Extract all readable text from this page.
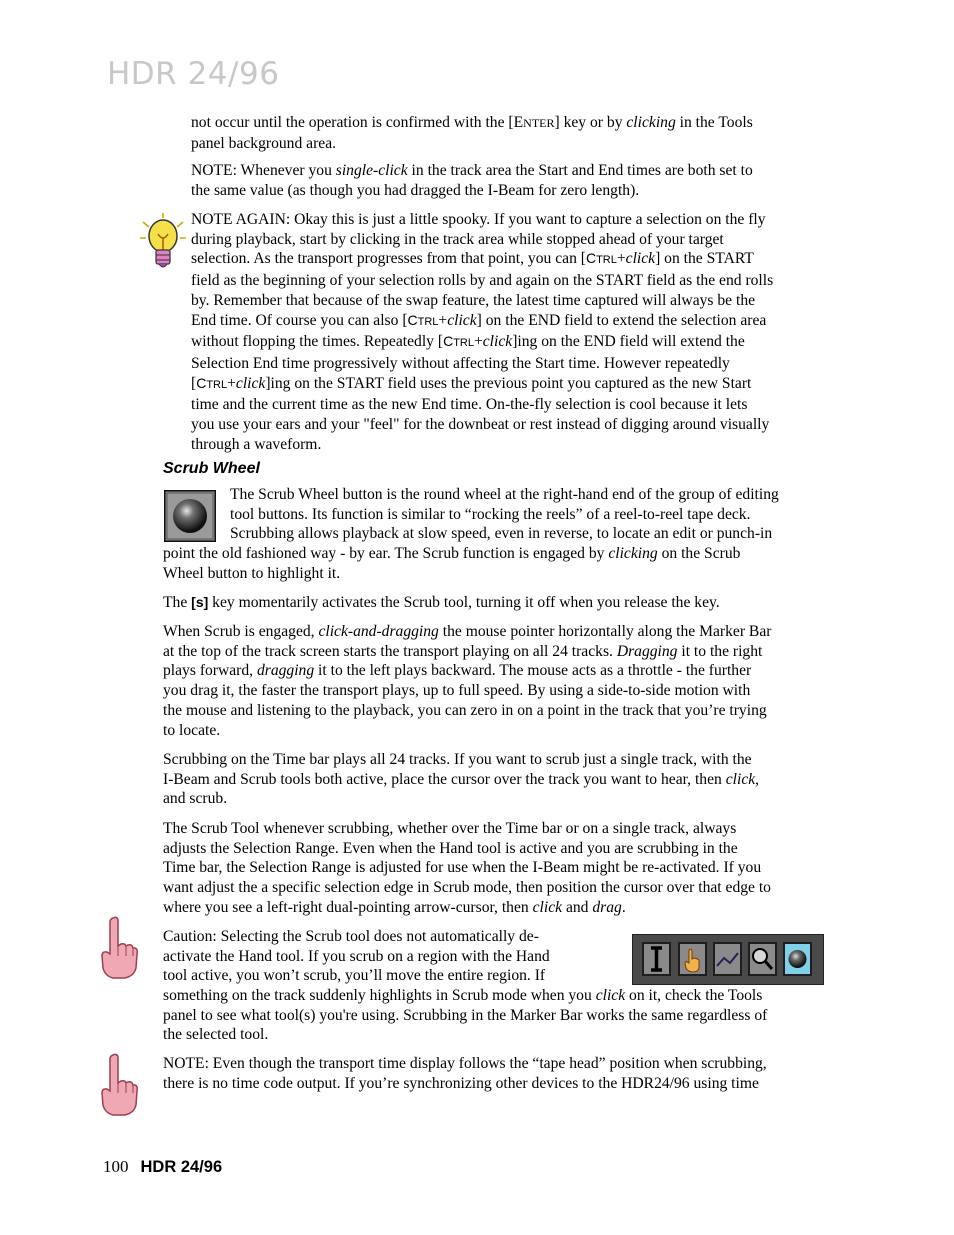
HDR 24/96
not occur until the operation is confirmed with the [ENTER] key or by clicking in the Tools
panel background area.
NOTE: Whenever you single-click in the track area the Start and End times are both set to
the same value (as though you had dragged the I-Beam for zero length).
NOTE AGAIN: Okay this is just a little spooky. If you want to capture a selection on the fly
during playback, start by clicking in the track area while stopped ahead of your target
selection. As the transport progresses from that point, you can [CTRL+click] on the START
field as the beginning of your selection rolls by and again on the START field as the end rolls
by. Remember that because of the swap feature, the latest time captured will always be the
End time. Of course you can also [CTRL+click] on the END field to extend the selection area
without flopping the times. Repeatedly [CTRL+click]ing on the END field will extend the
Selection End time progressively without affecting the Start time. However repeatedly
[CTRL+click]ing on the START field uses the previous point you captured as the new Start
time and the current time as the new End time. On-the-fly selection is cool because it lets
you use your ears and your "feel" for the downbeat or rest instead of digging around visually
through a waveform.
Scrub Wheel
The Scrub Wheel button is the round wheel at the right-hand end of the group of editing
tool buttons. Its function is similar to “rocking the reels” of a reel-to-reel tape deck.
Scrubbing allows playback at slow speed, even in reverse, to locate an edit or punch-in
point the old fashioned way - by ear. The Scrub function is engaged by clicking on the Scrub
Wheel button to highlight it.
The [s] key momentarily activates the Scrub tool, turning it off when you release the key.
When Scrub is engaged, click-and-dragging the mouse pointer horizontally along the Marker Bar
at the top of the track screen starts the transport playing on all 24 tracks. Dragging it to the right
plays forward, dragging it to the left plays backward. The mouse acts as a throttle - the further
you drag it, the faster the transport plays, up to full speed. By using a side-to-side motion with
the mouse and listening to the playback, you can zero in on a point in the track that you’re trying
to locate.
Scrubbing on the Time bar plays all 24 tracks. If you want to scrub just a single track, with the
I-Beam and Scrub tools both active, place the cursor over the track you want to hear, then click,
and scrub.
The Scrub Tool whenever scrubbing, whether over the Time bar or on a single track, always
adjusts the Selection Range. Even when the Hand tool is active and you are scrubbing in the
Time bar, the Selection Range is adjusted for use when the I-Beam might be re-activated. If you
want adjust the a specific selection edge in Scrub mode, then position the cursor over that edge to
where you see a left-right dual-pointing arrow-cursor, then click and drag.
Caution: Selecting the Scrub tool does not automatically de-
activate the Hand tool. If you scrub on a region with the Hand
tool active, you won’t scrub, you’ll move the entire region. If
something on the track suddenly highlights in Scrub mode when you click on it, check the Tools
panel to see what tool(s) you're using. Scrubbing in the Marker Bar works the same regardless of
the selected tool.
NOTE: Even though the transport time display follows the “tape head” position when scrubbing,
there is no time code output. If you’re synchronizing other devices to the HDR24/96 using time
100 HDR 24/96
